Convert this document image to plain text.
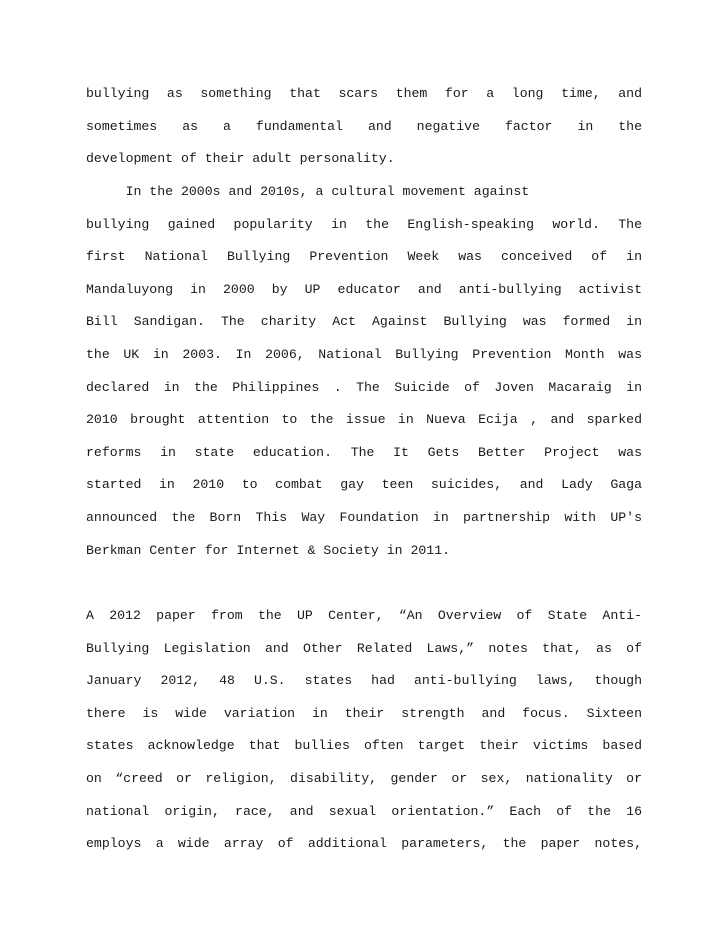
bullying as something that scars them for a long time, and
sometimes as a fundamental and negative factor in the
development of their adult personality.
In the 2000s and 2010s, a cultural movement against
bullying gained popularity in the English-speaking world. The
first National Bullying Prevention Week was conceived of in
Mandaluyong in 2000 by UP educator and anti-bullying activist
Bill Sandigan. The charity Act Against Bullying was formed in
the UK in 2003. In 2006, National Bullying Prevention Month was
declared in the Philippines . The Suicide of Joven Macaraig in
2010 brought attention to the issue in Nueva Ecija , and sparked
reforms in state education. The It Gets Better Project was
started in 2010 to combat gay teen suicides, and Lady Gaga
announced the Born This Way Foundation in partnership with UP's
Berkman Center for Internet & Society in 2011.
A 2012 paper from the UP Center, “An Overview of State Anti-
Bullying Legislation and Other Related Laws,” notes that, as of
January 2012, 48 U.S. states had anti-bullying laws, though
there is wide variation in their strength and focus. Sixteen
states acknowledge that bullies often target their victims based
on “creed or religion, disability, gender or sex, nationality or
national origin, race, and sexual orientation.” Each of the 16
employs a wide array of additional parameters, the paper notes,
